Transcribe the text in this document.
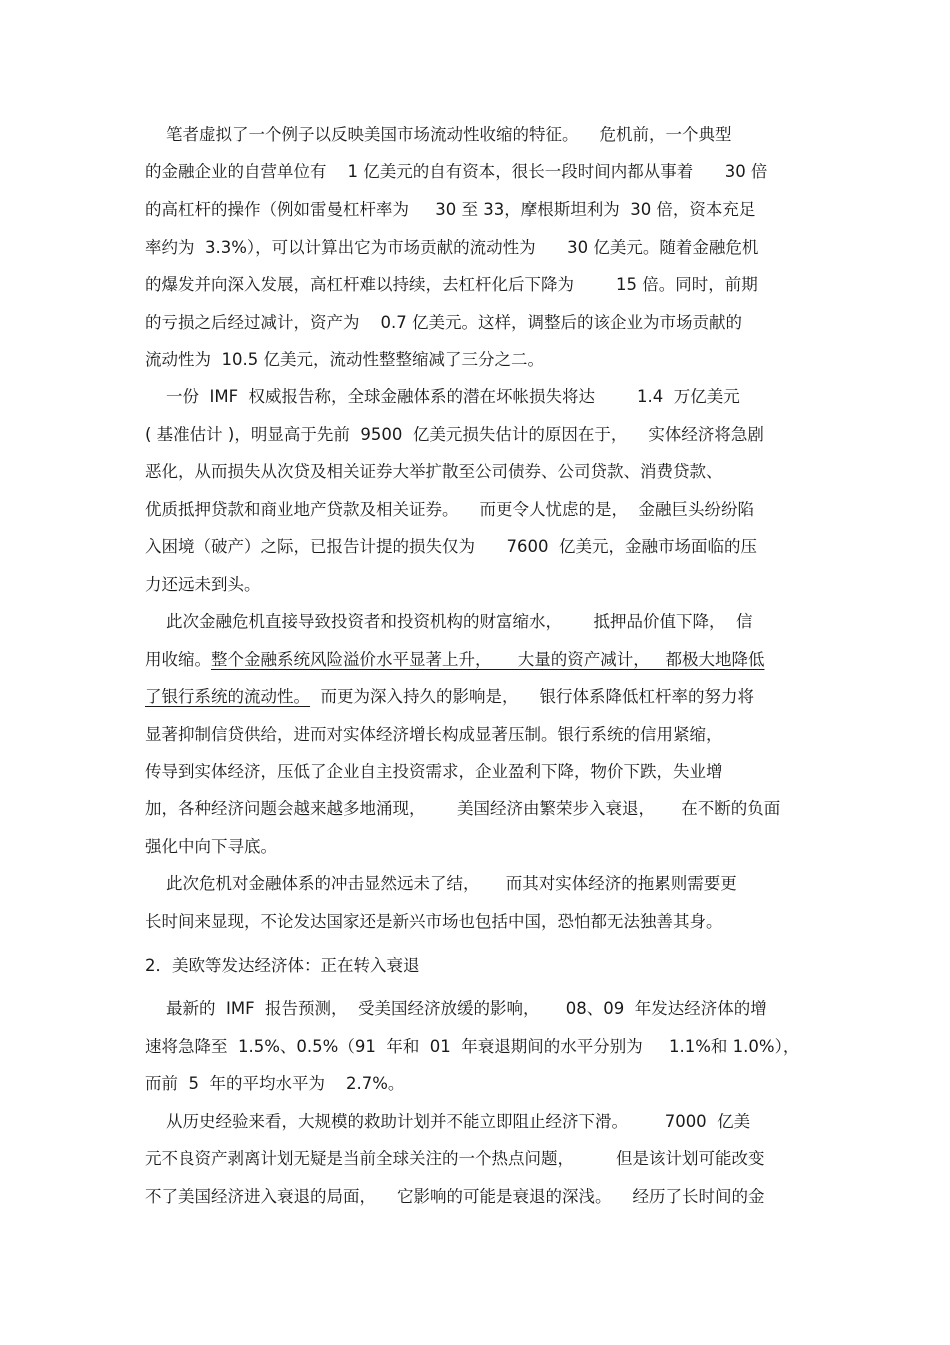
笔者虚拟了一个例子以反映美国市场流动性收缩的特征。    危机前，一个典型
的金融企业的自营单位有    1 亿美元的自有资本，很长一段时间内都从事着      30 倍
的高杠杆的操作（例如雷曼杠杆率为     30 至 33，摩根斯坦利为  30 倍，资本充足
率约为  3.3%），可以计算出它为市场贡献的流动性为      30 亿美元。随着金融危机
的爆发并向深入发展，高杠杆难以持续，去杠杆化后下降为        15 倍。同时，前期
的亏损之后经过减计，资产为    0.7 亿美元。这样，调整后的该企业为市场贡献的
流动性为  10.5 亿美元，流动性整整缩减了三分之二。
一份  IMF  权威报告称，全球金融体系的潜在坏帐损失将达        1.4  万亿美元
( 基准估计 )，明显高于先前  9500  亿美元损失估计的原因在于，    实体经济将急剧
恶化，从而损失从次贷及相关证券大举扩散至公司债券、公司贷款、消费贷款、
优质抵押贷款和商业地产贷款及相关证券。    而更令人忧虑的是，  金融巨头纷纷陷
入困境（破产）之际，已报告计提的损失仅为      7600  亿美元，金融市场面临的压
力还远未到头。
此次金融危机直接导致投资者和投资机构的财富缩水，      抵押品价值下降，  信
用收缩。整个金融系统风险溢价水平显著上升，     大量的资产减计，   都极大地降低
了银行系统的流动性。  而更为深入持久的影响是，    银行体系降低杠杆率的努力将
显著抑制信贷供给，进而对实体经济增长构成显著压制。银行系统的信用紧缩，
传导到实体经济，压低了企业自主投资需求，企业盈利下降，物价下跌，失业增
加，各种经济问题会越来越多地涌现，      美国经济由繁荣步入衰退，     在不断的负面
强化中向下寻底。
此次危机对金融体系的冲击显然远未了结，     而其对实体经济的拖累则需要更
长时间来显现，不论发达国家还是新兴市场也包括中国，恐怕都无法独善其身。
2．美欧等发达经济体：正在转入衰退
最新的  IMF  报告预测，  受美国经济放缓的影响，     08、09  年发达经济体的增
速将急降至  1.5%、0.5%（91  年和  01  年衰退期间的水平分别为     1.1%和 1.0%），
而前  5  年的平均水平为    2.7%。
从历史经验来看，大规模的救助计划并不能立即阻止经济下滑。       7000  亿美
元不良资产剥离计划无疑是当前全球关注的一个热点问题，        但是该计划可能改变
不了美国经济进入衰退的局面，    它影响的可能是衰退的深浅。    经历了长时间的金
